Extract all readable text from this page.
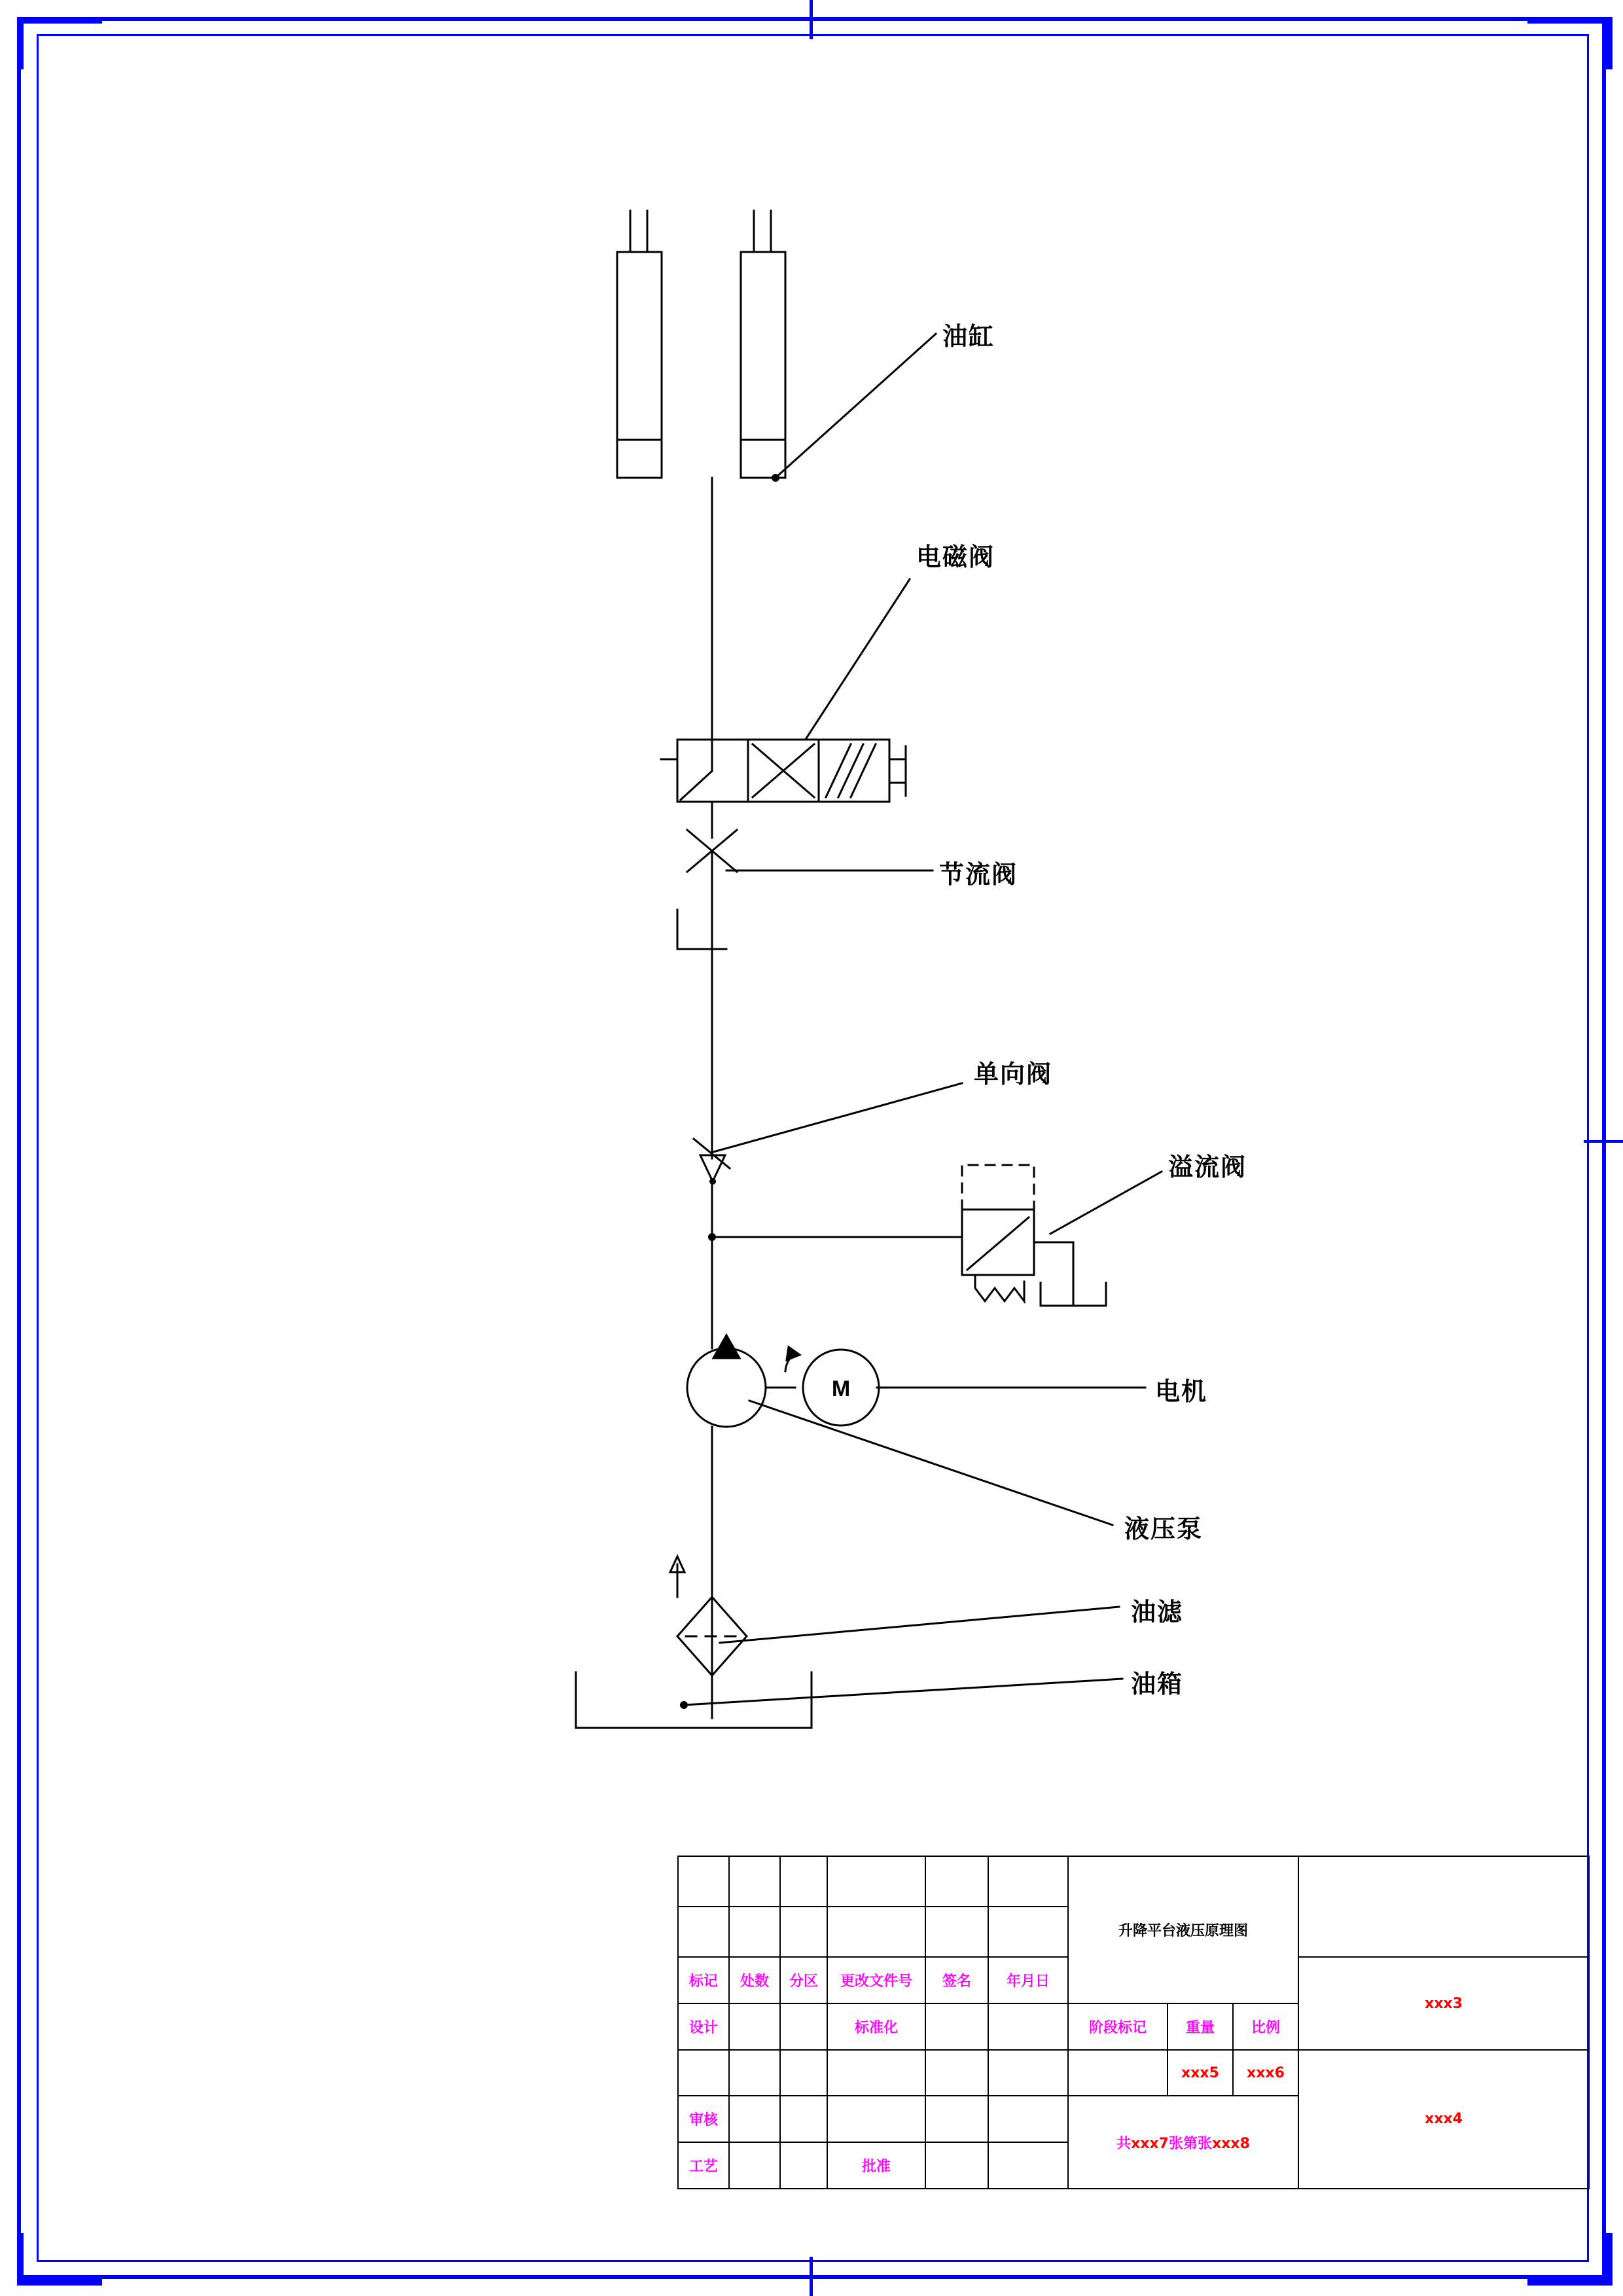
M
油缸
电磁阀
节流阀
单向阀
溢流阀
电机
液压泵
油滤
油箱
						升降平台液压原理图			

标记	处数	分区	更改文件号	签名	年月日				xxx3
设计			标准化			阶段标记	重量	比例	
							xxx5	xxx6	xxx4
审核						共xxx7张第张xxx8			
工艺			批准						
